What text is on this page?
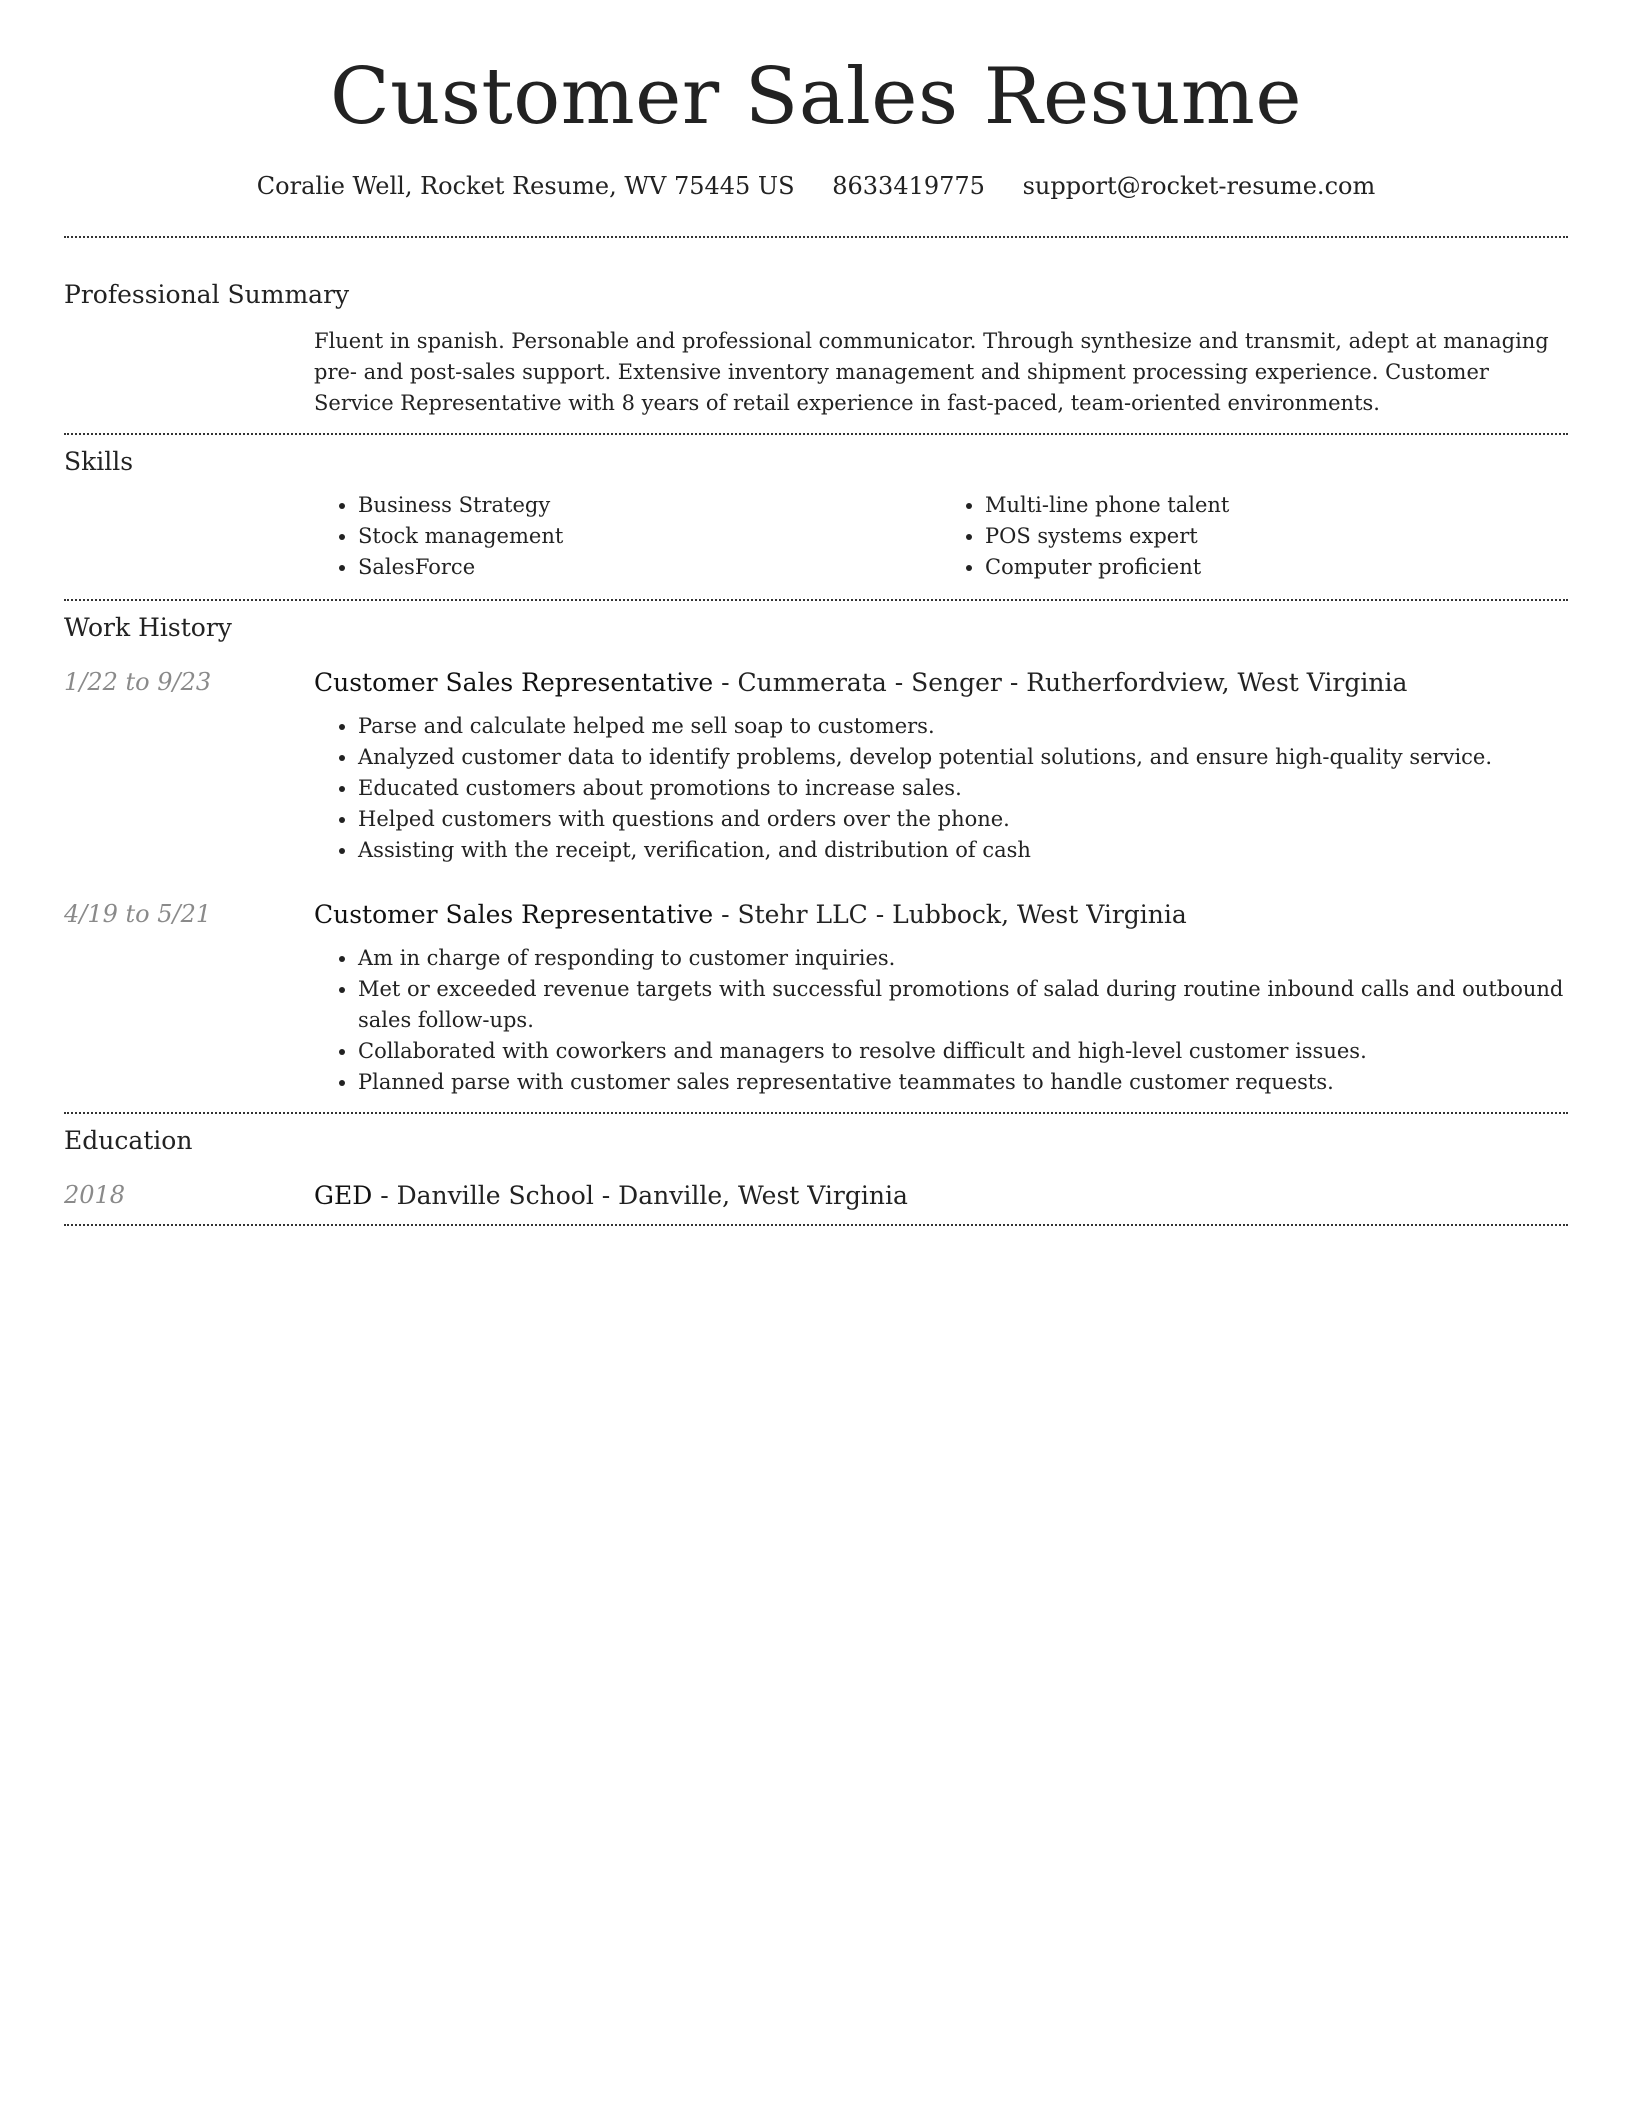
Customer Sales Resume
Coralie Well, Rocket Resume, WV 75445 US 8633419775 support@rocket-resume.com
Professional Summary
Fluent in spanish. Personable and professional communicator. Through synthesize and transmit, adept at managing pre- and post-sales support. Extensive inventory management and shipment processing experience. Customer Service Representative with 8 years of retail experience in fast-paced, team-oriented environments.
Skills
• Business Strategy
• Stock management
• SalesForce
• Multi-line phone talent
• POS systems expert
• Computer proficient
Work History
1/22 to 9/23	Customer Sales Representative - Cummerata - Senger - Rutherfordview, West Virginia
• Parse and calculate helped me sell soap to customers.
• Analyzed customer data to identify problems, develop potential solutions, and ensure high-quality service.
• Educated customers about promotions to increase sales.
• Helped customers with questions and orders over the phone.
• Assisting with the receipt, verification, and distribution of cash
4/19 to 5/21	Customer Sales Representative - Stehr LLC - Lubbock, West Virginia
• Am in charge of responding to customer inquiries.
• Met or exceeded revenue targets with successful promotions of salad during routine inbound calls and outbound sales follow-ups.
• Collaborated with coworkers and managers to resolve difficult and high-level customer issues.
• Planned parse with customer sales representative teammates to handle customer requests.
Education
2018	GED - Danville School - Danville, West Virginia
